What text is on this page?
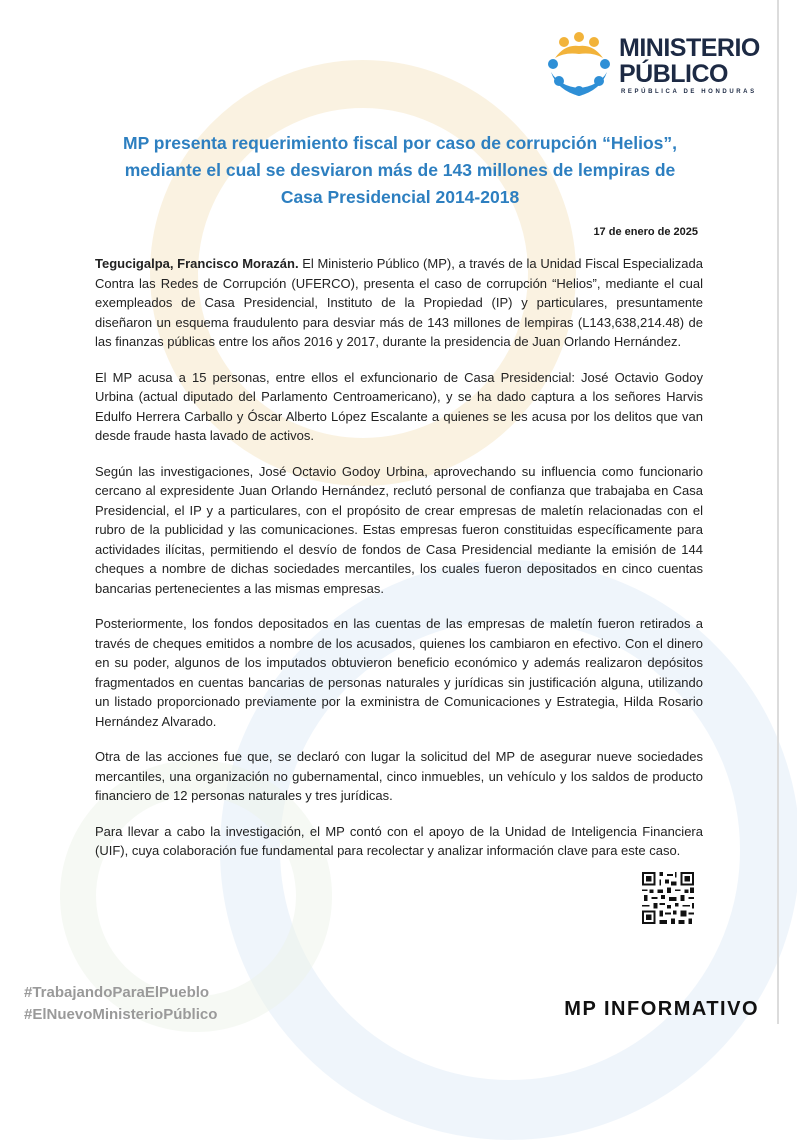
MINISTERIO
PÚBLICO
REPÚBLICA DE HONDURAS
MP presenta requerimiento fiscal por caso de corrupción “Helios”,
mediante el cual se desviaron más de 143 millones de lempiras de
Casa Presidencial 2014-2018
17 de enero de 2025

Tegucigalpa, Francisco Morazán. El Ministerio Público (MP), a través de la Unidad Fiscal Especializada Contra las Redes de Corrupción (UFERCO), presenta el caso de corrupción “Helios”, mediante el cual exempleados de Casa Presidencial, Instituto de la Propiedad (IP) y particulares, presuntamente diseñaron un esquema fraudulento para desviar más de 143 millones de lempiras (L143,638,214.48) de las finanzas públicas entre los años 2016 y 2017, durante la presidencia de Juan Orlando Hernández.

El MP acusa a 15 personas, entre ellos el exfuncionario de Casa Presidencial: José Octavio Godoy Urbina (actual diputado del Parlamento Centroamericano), y se ha dado captura a los señores Harvis Edulfo Herrera Carballo y Óscar Alberto López Escalante a quienes se les acusa por los delitos que van desde fraude hasta lavado de activos.

Según las investigaciones, José Octavio Godoy Urbina, aprovechando su influencia como funcionario cercano al expresidente Juan Orlando Hernández, reclutó personal de confianza que trabajaba en Casa Presidencial, el IP y a particulares, con el propósito de crear empresas de maletín relacionadas con el rubro de la publicidad y las comunicaciones. Estas empresas fueron constituidas específicamente para actividades ilícitas, permitiendo el desvío de fondos de Casa Presidencial mediante la emisión de 144 cheques a nombre de dichas sociedades mercantiles, los cuales fueron depositados en cinco cuentas bancarias pertenecientes a las mismas empresas.

Posteriormente, los fondos depositados en las cuentas de las empresas de maletín fueron retirados a través de cheques emitidos a nombre de los acusados, quienes los cambiaron en efectivo. Con el dinero en su poder, algunos de los imputados obtuvieron beneficio económico y además realizaron depósitos fragmentados en cuentas bancarias de personas naturales y jurídicas sin justificación alguna, utilizando un listado proporcionado previamente por la exministra de Comunicaciones y Estrategia, Hilda Rosario Hernández Alvarado.

Otra de las acciones fue que, se declaró con lugar la solicitud del MP de asegurar nueve sociedades mercantiles, una organización no gubernamental, cinco inmuebles, un vehículo y los saldos de producto financiero de 12 personas naturales y tres jurídicas.

Para llevar a cabo la investigación, el MP contó con el apoyo de la Unidad de Inteligencia Financiera (UIF), cuya colaboración fue fundamental para recolectar y analizar información clave para este caso.

#TrabajandoParaElPueblo
#ElNuevoMinisterioPúblico	MP INFORMATIVO
